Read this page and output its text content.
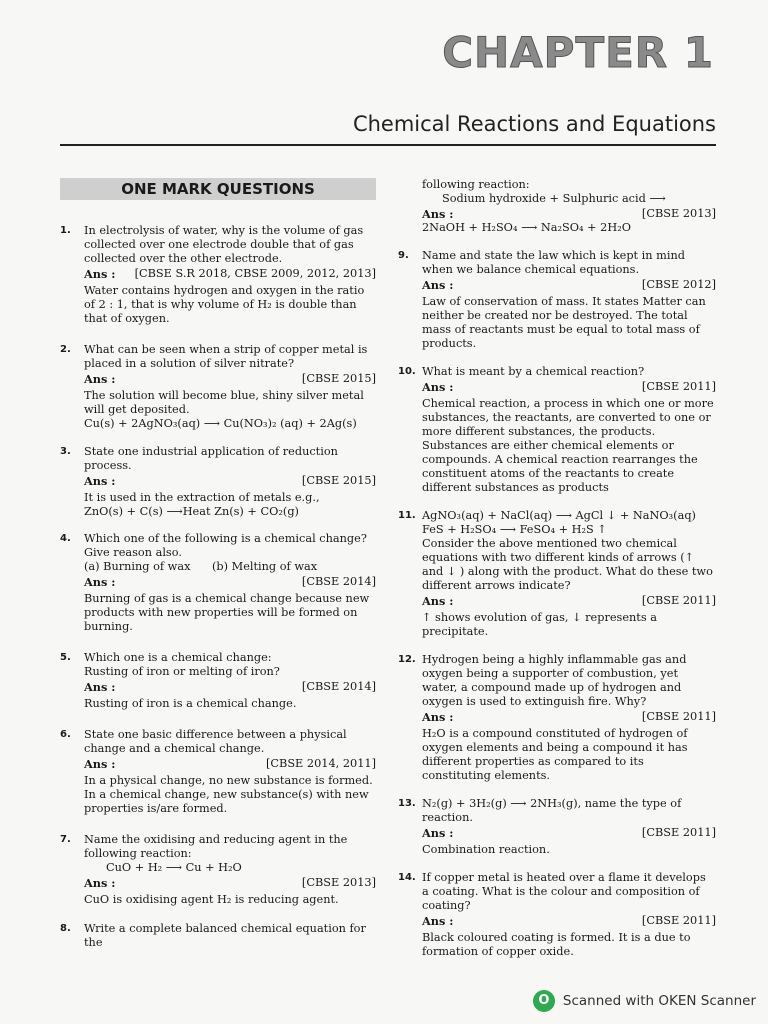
CHAPTER 1
Chemical Reactions and Equations
ONE MARK QUESTIONS
1. In electrolysis of water, why is the volume of gas collected over one electrode double that of gas collected over the other electrode.

Ans : [CBSE S.R 2018, CBSE 2009, 2012, 2013]

Water contains hydrogen and oxygen in the ratio of 2 : 1, that is why volume of H₂ is double than that of oxygen.

2. What can be seen when a strip of copper metal is placed in a solution of silver nitrate?

Ans :	[CBSE 2015]

The solution will become blue, shiny silver metal will get deposited.

Cu(s) + 2AgNO₃(aq) ⟶ Cu(NO₃)₂ (aq) + 2Ag(s)

3. State one industrial application of reduction process.

Ans :	[CBSE 2015]

It is used in the extraction of metals e.g.,

ZnO(s) + C(s) ⟶Heat Zn(s) + CO₂(g)

4. Which one of the following is a chemical change? Give reason also.

(a) Burning of wax      (b) Melting of wax

Ans :	[CBSE 2014]

Burning of gas is a chemical change because new products with new properties will be formed on burning.

5. Which one is a chemical change:

Rusting of iron or melting of iron?

Ans :	[CBSE 2014]

Rusting of iron is a chemical change.

6. State one basic difference between a physical change and a chemical change.

Ans :	[CBSE 2014, 2011]

In a physical change, no new substance is formed. In a chemical change, new substance(s) with new properties is/are formed.

7. Name the oxidising and reducing agent in the following reaction:

CuO + H₂ ⟶ Cu + H₂O

Ans :	[CBSE 2013]

CuO is oxidising agent H₂ is reducing agent.

8. Write a complete balanced chemical equation for the

following reaction:

Sodium hydroxide + Sulphuric acid ⟶

Ans :	[CBSE 2013]

2NaOH + H₂SO₄ ⟶ Na₂SO₄ + 2H₂O

9. Name and state the law which is kept in mind when we balance chemical equations.

Ans :	[CBSE 2012]

Law of conservation of mass. It states Matter can neither be created nor be destroyed. The total mass of reactants must be equal to total mass of products.

10. What is meant by a chemical reaction?

Ans :	[CBSE 2011]

Chemical reaction, a process in which one or more substances, the reactants, are converted to one or more different substances, the products. Substances are either chemical elements or compounds. A chemical reaction rearranges the constituent atoms of the reactants to create different substances as products

11. AgNO₃(aq) + NaCl(aq) ⟶ AgCl ↓ + NaNO₃(aq)

FeS + H₂SO₄ ⟶ FeSO₄ + H₂S ↑

Consider the above mentioned two chemical equations with two different kinds of arrows (↑ and ↓ ) along with the product. What do these two different arrows indicate?

Ans :	[CBSE 2011]

↑ shows evolution of gas, ↓ represents a precipitate.

12. Hydrogen being a highly inflammable gas and oxygen being a supporter of combustion, yet water, a compound made up of hydrogen and oxygen is used to extinguish fire. Why?

Ans :	[CBSE 2011]

H₂O is a compound constituted of hydrogen of oxygen elements and being a compound it has different properties as compared to its constituting elements.

13. N₂(g) + 3H₂(g) ⟶ 2NH₃(g), name the type of reaction.

Ans :	[CBSE 2011]

Combination reaction.

14. If copper metal is heated over a flame it develops a coating. What is the colour and composition of coating?

Ans :	[CBSE 2011]

Black coloured coating is formed. It is a due to formation of copper oxide.

O Scanned with OKEN Scanner
